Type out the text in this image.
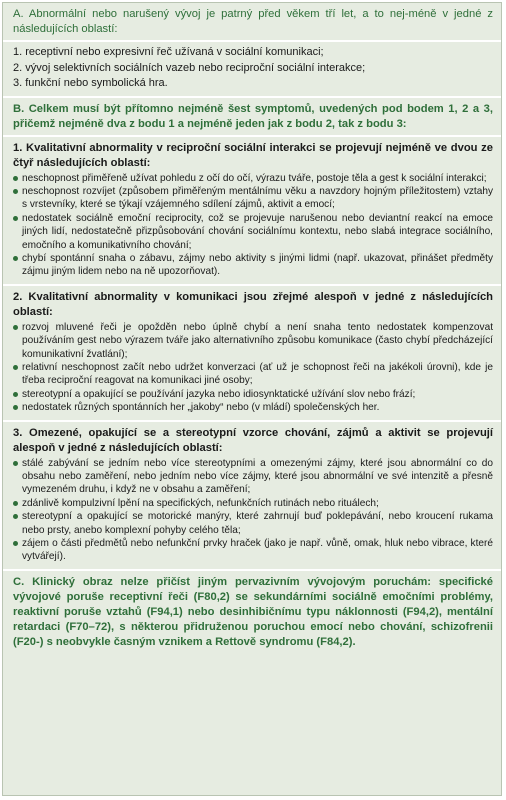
A. Abnormální nebo narušený vývoj je patrný před věkem tří let, a to nej-méně v jedné z následujících oblastí:

1. receptivní nebo expresivní řeč užívaná v sociální komunikaci;
2. vývoj selektivních sociálních vazeb nebo reciproční sociální interakce;
3. funkční nebo symbolická hra.

B. Celkem musí být přítomno nejméně šest symptomů, uvedených pod bodem 1, 2 a 3, přičemž nejméně dva z bodu 1 a nejméně jeden jak z bodu 2, tak z bodu 3:

1. Kvalitativní abnormality v reciproční sociální interakci se projevují nejméně ve dvou ze čtyř následujících oblastí:

neschopnost přiměřeně užívat pohledu z očí do očí, výrazu tváře, postoje těla a gest k sociální interakci;
neschopnost rozvíjet (způsobem přiměřeným mentálnímu věku a navzdory hojným příležitostem) vztahy s vrstevníky, které se týkají vzájemného sdílení zájmů, aktivit a emocí;
nedostatek sociálně emoční reciprocity, což se projevuje narušenou nebo deviantní reakcí na emoce jiných lidí, nedostatečně přizpůsobování chování sociálnímu kontextu, nebo slabá integrace sociálního, emočního a komunikativního chování;
chybí spontánní snaha o zábavu, zájmy nebo aktivity s jinými lidmi (např. ukazovat, přinášet předměty zájmu jiným lidem nebo na ně upozorňovat).

2. Kvalitativní abnormality v komunikaci jsou zřejmé alespoň v jedné z následujících oblastí:

rozvoj mluvené řeči je opožděn nebo úplně chybí a není snaha tento nedostatek kompenzovat používáním gest nebo výrazem tváře jako alternativního způsobu komunikace (často chybí předcházející komunikativní žvatlání);
relativní neschopnost začít nebo udržet konverzaci (ať už je schopnost řeči na jakékoli úrovni), kde je třeba reciproční reagovat na komunikaci jiné osoby;
stereotypní a opakující se používání jazyka nebo idiosynktatické užívání slov nebo frází;
nedostatek různých spontánních her „jakoby“ nebo (v mládí) společenských her.

3. Omezené, opakující se a stereotypní vzorce chování, zájmů a aktivit se projevují alespoň v jedné z následujících oblastí:

stálé zabývání se jedním nebo více stereotypními a omezenými zájmy, které jsou abnormální co do obsahu nebo zaměření, nebo jedním nebo více zájmy, které jsou abnormální ve své intenzitě a přesně vymezeném druhu, i když ne v obsahu a zaměření;
zdánlivě kompulzivní lpění na specifických, nefunkčních rutinách nebo rituálech;
stereotypní a opakující se motorické manýry, které zahrnují buď poklepávání, nebo kroucení rukama nebo prsty, anebo komplexní pohyby celého těla;
zájem o části předmětů nebo nefunkční prvky hraček (jako je např. vůně, omak, hluk nebo vibrace, které vytvářejí).

C. Klinický obraz nelze přičíst jiným pervazivním vývojovým poruchám: specifické vývojové poruše receptivní řeči (F80,2) se sekundárními sociálně emočními problémy, reaktivní poruše vztahů (F94,1) nebo desinhibičnímu typu náklonnosti (F94,2), mentální retardaci (F70–72), s některou přidruženou poruchou emocí nebo chování, schizofrenii (F20-) s neobvykle časným vznikem a Rettově syndromu (F84,2).
